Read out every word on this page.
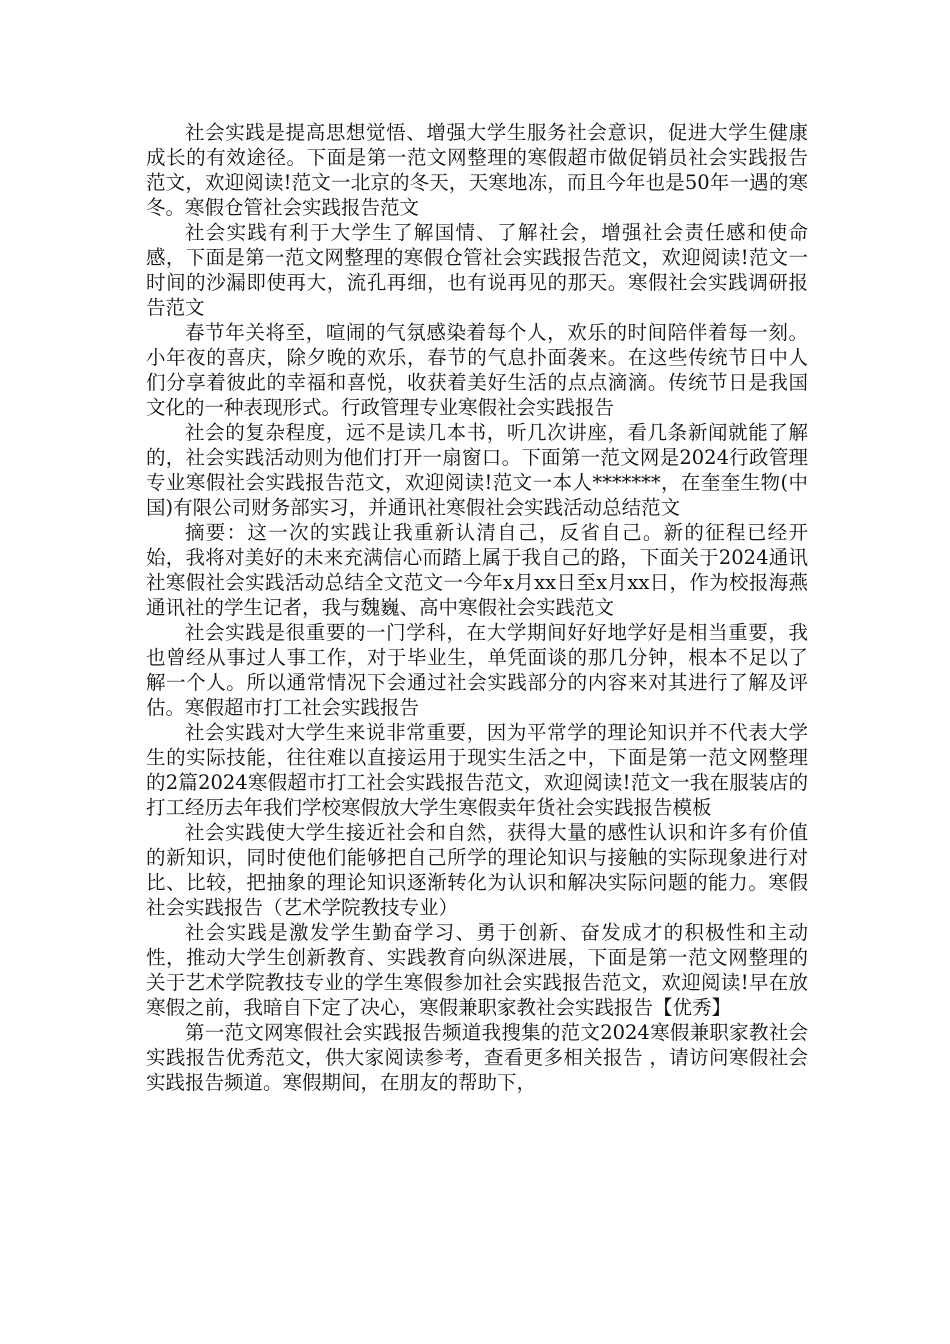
社会实践是提高思想觉悟、增强大学生服务社会意识，促进大学生健康成长的有效途径。下面是第一范文网整理的寒假超市做促销员社会实践报告范文，欢迎阅读!范文一北京的冬天，天寒地冻，而且今年也是50年一遇的寒冬。寒假仓管社会实践报告范文

社会实践有利于大学生了解国情、了解社会，增强社会责任感和使命感，下面是第一范文网整理的寒假仓管社会实践报告范文，欢迎阅读!范文一时间的沙漏即使再大，流孔再细，也有说再见的那天。寒假社会实践调研报告范文

春节年关将至，喧闹的气氛感染着每个人，欢乐的时间陪伴着每一刻。小年夜的喜庆，除夕晚的欢乐，春节的气息扑面袭来。在这些传统节日中人们分享着彼此的幸福和喜悦，收获着美好生活的点点滴滴。传统节日是我国文化的一种表现形式。行政管理专业寒假社会实践报告

社会的复杂程度，远不是读几本书，听几次讲座，看几条新闻就能了解的，社会实践活动则为他们打开一扇窗口。下面第一范文网是2024行政管理专业寒假社会实践报告范文，欢迎阅读!范文一本人*******，在奎奎生物(中国)有限公司财务部实习，并通讯社寒假社会实践活动总结范文

摘要：这一次的实践让我重新认清自己，反省自己。新的征程已经开始，我将对美好的未来充满信心而踏上属于我自己的路，下面关于2024通讯社寒假社会实践活动总结全文范文一今年x月xx日至x月xx日，作为校报海燕通讯社的学生记者，我与魏巍、高中寒假社会实践范文

社会实践是很重要的一门学科，在大学期间好好地学好是相当重要，我也曾经从事过人事工作，对于毕业生，单凭面谈的那几分钟，根本不足以了解一个人。所以通常情况下会通过社会实践部分的内容来对其进行了解及评估。寒假超市打工社会实践报告

社会实践对大学生来说非常重要，因为平常学的理论知识并不代表大学生的实际技能，往往难以直接运用于现实生活之中，下面是第一范文网整理的2篇2024寒假超市打工社会实践报告范文，欢迎阅读!范文一我在服装店的打工经历去年我们学校寒假放大学生寒假卖年货社会实践报告模板

社会实践使大学生接近社会和自然，获得大量的感性认识和许多有价值的新知识，同时使他们能够把自己所学的理论知识与接触的实际现象进行对比、比较，把抽象的理论知识逐渐转化为认识和解决实际问题的能力。寒假社会实践报告（艺术学院教技专业）

社会实践是激发学生勤奋学习、勇于创新、奋发成才的积极性和主动性，推动大学生创新教育、实践教育向纵深进展，下面是第一范文网整理的关于艺术学院教技专业的学生寒假参加社会实践报告范文，欢迎阅读!早在放寒假之前，我暗自下定了决心，寒假兼职家教社会实践报告【优秀】

第一范文网寒假社会实践报告频道我搜集的范文2024寒假兼职家教社会实践报告优秀范文，供大家阅读参考，查看更多相关报告 ，请访问寒假社会实践报告频道。寒假期间，在朋友的帮助下，
